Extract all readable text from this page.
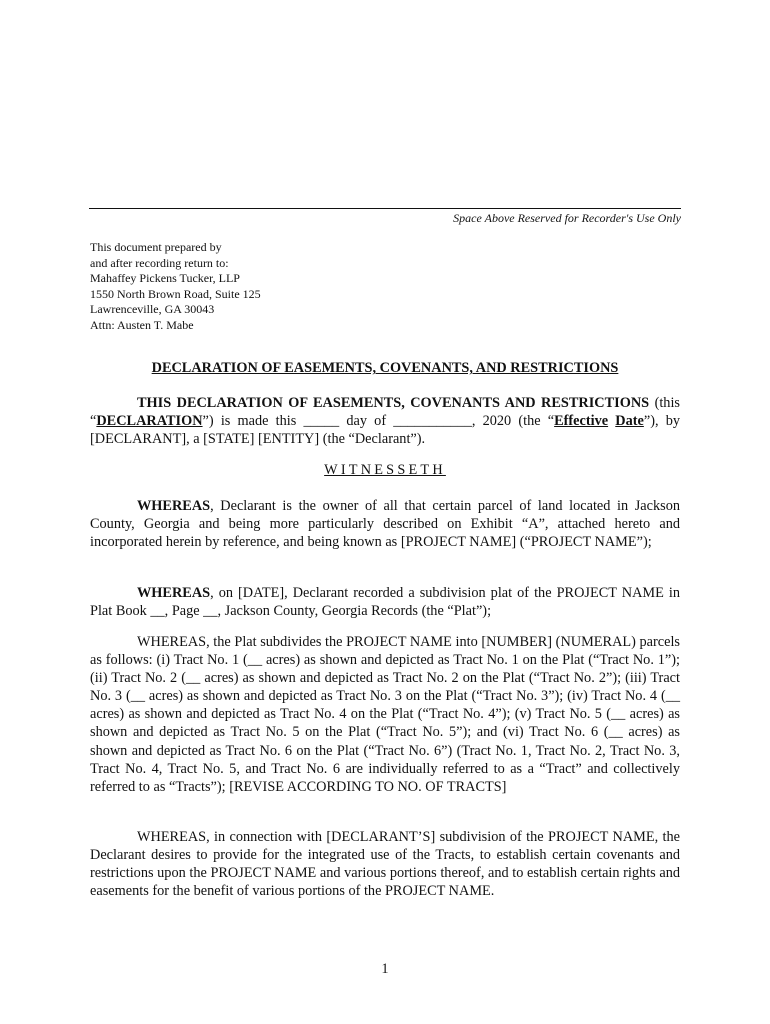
Space Above Reserved for Recorder's Use Only
This document prepared by
and after recording return to:
Mahaffey Pickens Tucker, LLP
1550 North Brown Road, Suite 125
Lawrenceville, GA 30043
Attn: Austen T. Mabe
DECLARATION OF EASEMENTS, COVENANTS, AND RESTRICTIONS

THIS DECLARATION OF EASEMENTS, COVENANTS AND RESTRICTIONS (this “DECLARATION”) is made this _____ day of ___________, 2020 (the “Effective Date”), by [DECLARANT], a [STATE] [ENTITY] (the “Declarant”).

WITNESSETH

WHEREAS, Declarant is the owner of all that certain parcel of land located in Jackson County, Georgia and being more particularly described on Exhibit “A”, attached hereto and incorporated herein by reference, and being known as [PROJECT NAME] (“PROJECT NAME”);

WHEREAS, on [DATE], Declarant recorded a subdivision plat of the PROJECT NAME in Plat Book __, Page __, Jackson County, Georgia Records (the “Plat”);

WHEREAS, the Plat subdivides the PROJECT NAME into [NUMBER] (NUMERAL) parcels as follows: (i) Tract No. 1 (__ acres) as shown and depicted as Tract No. 1 on the Plat (“Tract No. 1”); (ii) Tract No. 2 (__ acres) as shown and depicted as Tract No. 2 on the Plat (“Tract No. 2”); (iii) Tract No. 3 (__ acres) as shown and depicted as Tract No. 3 on the Plat (“Tract No. 3”); (iv) Tract No. 4 (__ acres) as shown and depicted as Tract No. 4 on the Plat (“Tract No. 4”); (v) Tract No. 5 (__ acres) as shown and depicted as Tract No. 5 on the Plat (“Tract No. 5”); and (vi) Tract No. 6 (__ acres) as shown and depicted as Tract No. 6 on the Plat (“Tract No. 6”) (Tract No. 1, Tract No. 2, Tract No. 3, Tract No. 4, Tract No. 5, and Tract No. 6 are individually referred to as a “Tract” and collectively referred to as “Tracts”); [REVISE ACCORDING TO NO. OF TRACTS]

WHEREAS, in connection with [DECLARANT’S] subdivision of the PROJECT NAME, the Declarant desires to provide for the integrated use of the Tracts, to establish certain covenants and restrictions upon the PROJECT NAME and various portions thereof, and to establish certain rights and easements for the benefit of various portions of the PROJECT NAME.

1
